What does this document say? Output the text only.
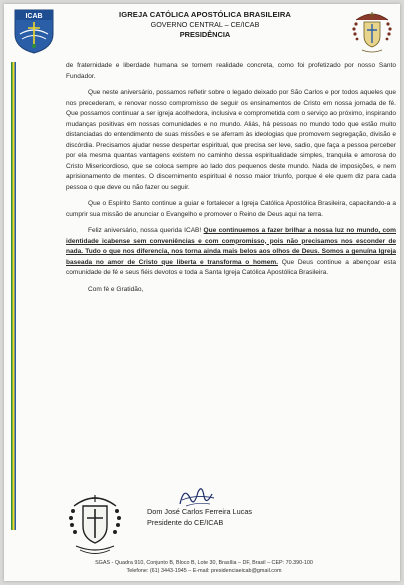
ICAB	IGREJA CATÓLICA APOSTÓLICA BRASILEIRA
GOVERNO CENTRAL – CE/ICAB
PRESIDÊNCIA

de fraternidade e liberdade humana se tornem realidade concreta, como foi profetizado por nosso Santo Fundador.

Que neste aniversário, possamos refletir sobre o legado deixado por São Carlos e por todos aqueles que nos precederam, e renovar nosso compromisso de seguir os ensinamentos de Cristo em nossa jornada de fé. Que possamos continuar a ser igreja acolhedora, inclusiva e comprometida com o serviço ao próximo, inspirando mudanças positivas em nossas comunidades e no mundo. Aliás, há pessoas no mundo todo que estão muito distanciadas do entendimento de suas missões e se aferram às ideologias que promovem segregação, divisão e discórdia. Precisamos ajudar nesse despertar espiritual, que precisa ser leve, sadio, que faça a pessoa perceber por ela mesma quantas vantagens existem no caminho dessa espiritualidade simples, tranquila e amorosa do Cristo Misericordioso, que se coloca sempre ao lado dos pequenos deste mundo. Nada de imposições, e nem aprisionamento de mentes. O discernimento espiritual é nosso maior triunfo, porque é ele quem diz para cada pessoa o que deve ou não fazer ou seguir.

Que o Espírito Santo continue a guiar e fortalecer a Igreja Católica Apostólica Brasileira, capacitando-a a cumprir sua missão de anunciar o Evangelho e promover o Reino de Deus aqui na terra.

Feliz aniversário, nossa querida ICAB! Que continuemos a fazer brilhar a nossa luz no mundo, com identidade icabense sem conveniências e com compromisso, pois não precisamos nos esconder de nada. Tudo o que nos diferencia, nos torna ainda mais belos aos olhos de Deus. Somos a genuína Igreja baseada no amor de Cristo que liberta e transforma o homem. Que Deus continue a abençoar esta comunidade de fé e seus fiéis devotos e toda a Santa Igreja Católica Apostólica Brasileira.

Com fé e Gratidão,

Dom José Carlos Ferreira Lucas
Presidente do CE/ICAB
SGAS - Quadra 910, Conjunto B, Bloco B, Lote 30, Brasília – DF, Brasil – CEP: 70.390-100
Telefone: (61) 3443-1945 – E-mail: presidenciaeicab@gmail.com
